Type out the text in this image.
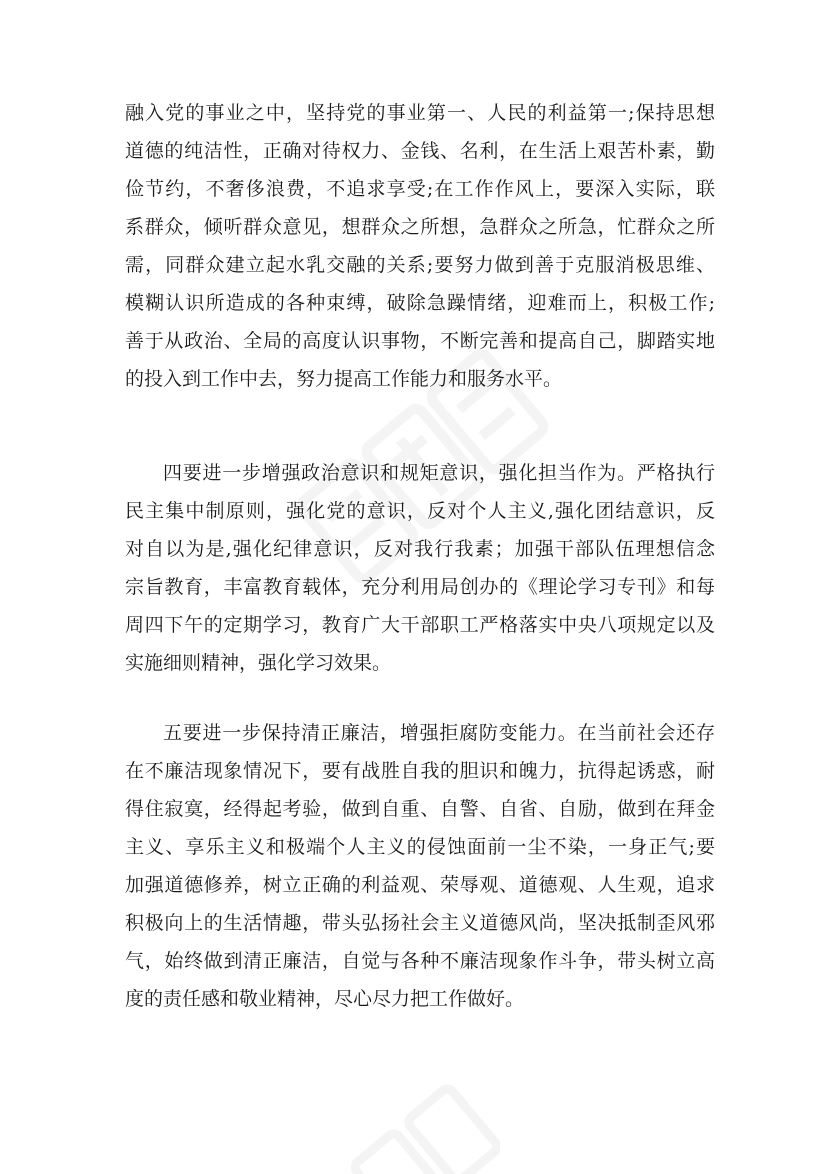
融入党的事业之中，坚持党的事业第一、人民的利益第一;保持思想
道德的纯洁性，正确对待权力、金钱、名利，在生活上艰苦朴素，勤
俭节约，不奢侈浪费，不追求享受;在工作作风上，要深入实际，联
系群众，倾听群众意见，想群众之所想，急群众之所急，忙群众之所
需，同群众建立起水乳交融的关系;要努力做到善于克服消极思维、
模糊认识所造成的各种束缚，破除急躁情绪，迎难而上，积极工作;
善于从政治、全局的高度认识事物，不断完善和提高自己，脚踏实地
的投入到工作中去，努力提高工作能力和服务水平。
四要进一步增强政治意识和规矩意识，强化担当作为。严格执行
民主集中制原则，强化党的意识，反对个人主义,强化团结意识，反
对自以为是,强化纪律意识，反对我行我素；加强干部队伍理想信念
宗旨教育，丰富教育载体，充分利用局创办的《理论学习专刊》和每
周四下午的定期学习，教育广大干部职工严格落实中央八项规定以及
实施细则精神，强化学习效果。
五要进一步保持清正廉洁，增强拒腐防变能力。在当前社会还存
在不廉洁现象情况下，要有战胜自我的胆识和魄力，抗得起诱惑，耐
得住寂寞，经得起考验，做到自重、自警、自省、自励，做到在拜金
主义、享乐主义和极端个人主义的侵蚀面前一尘不染，一身正气;要
加强道德修养，树立正确的利益观、荣辱观、道德观、人生观，追求
积极向上的生活情趣，带头弘扬社会主义道德风尚，坚决抵制歪风邪
气，始终做到清正廉洁，自觉与各种不廉洁现象作斗争，带头树立高
度的责任感和敬业精神，尽心尽力把工作做好。
